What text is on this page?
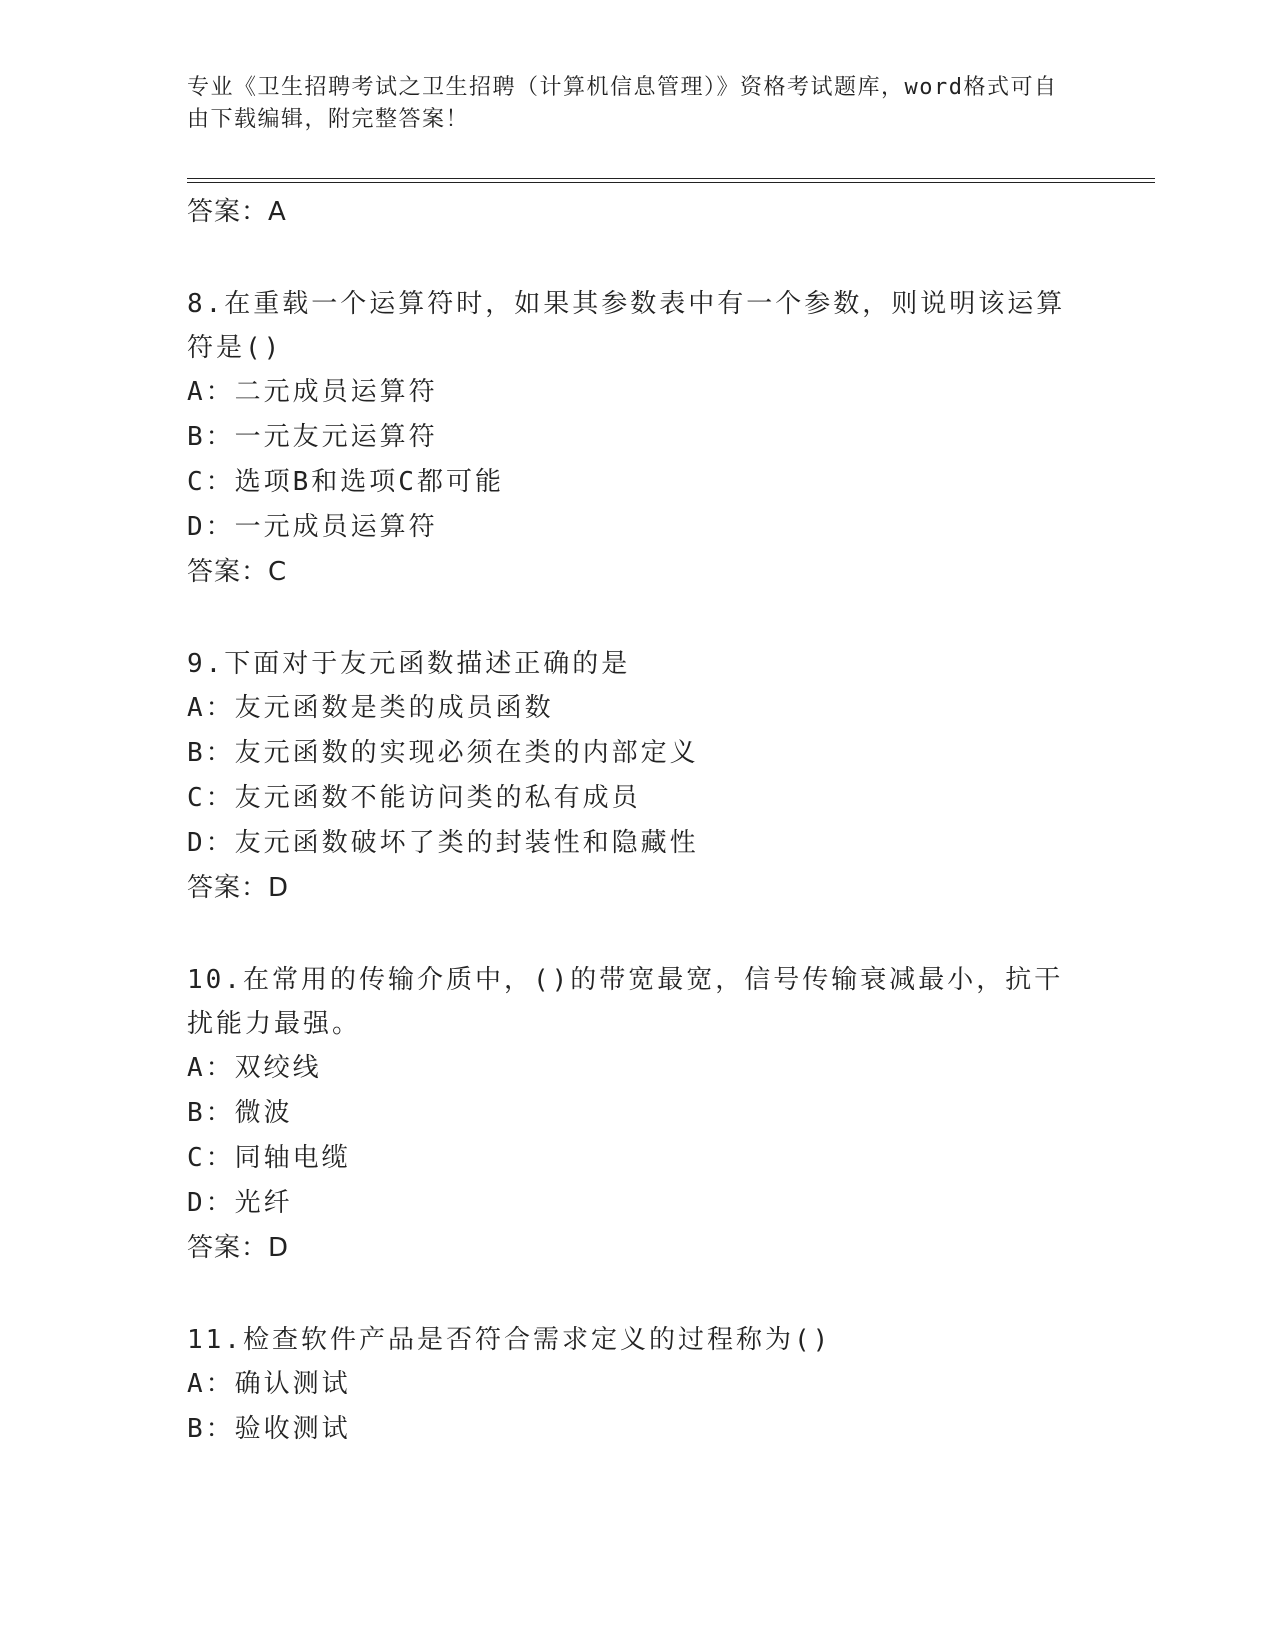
专业《卫生招聘考试之卫生招聘（计算机信息管理）》资格考试题库，word格式可自由下载编辑，附完整答案！
答案：A
8.在重载一个运算符时，如果其参数表中有一个参数，则说明该运算符是()
A：二元成员运算符
B：一元友元运算符
C：选项B和选项C都可能
D：一元成员运算符
答案：C
9.下面对于友元函数描述正确的是
A：友元函数是类的成员函数
B：友元函数的实现必须在类的内部定义
C：友元函数不能访问类的私有成员
D：友元函数破坏了类的封装性和隐藏性
答案：D
10.在常用的传输介质中，()的带宽最宽，信号传输衰减最小，抗干扰能力最强。
A：双绞线
B：微波
C：同轴电缆
D：光纤
答案：D
11.检查软件产品是否符合需求定义的过程称为()
A：确认测试
B：验收测试
